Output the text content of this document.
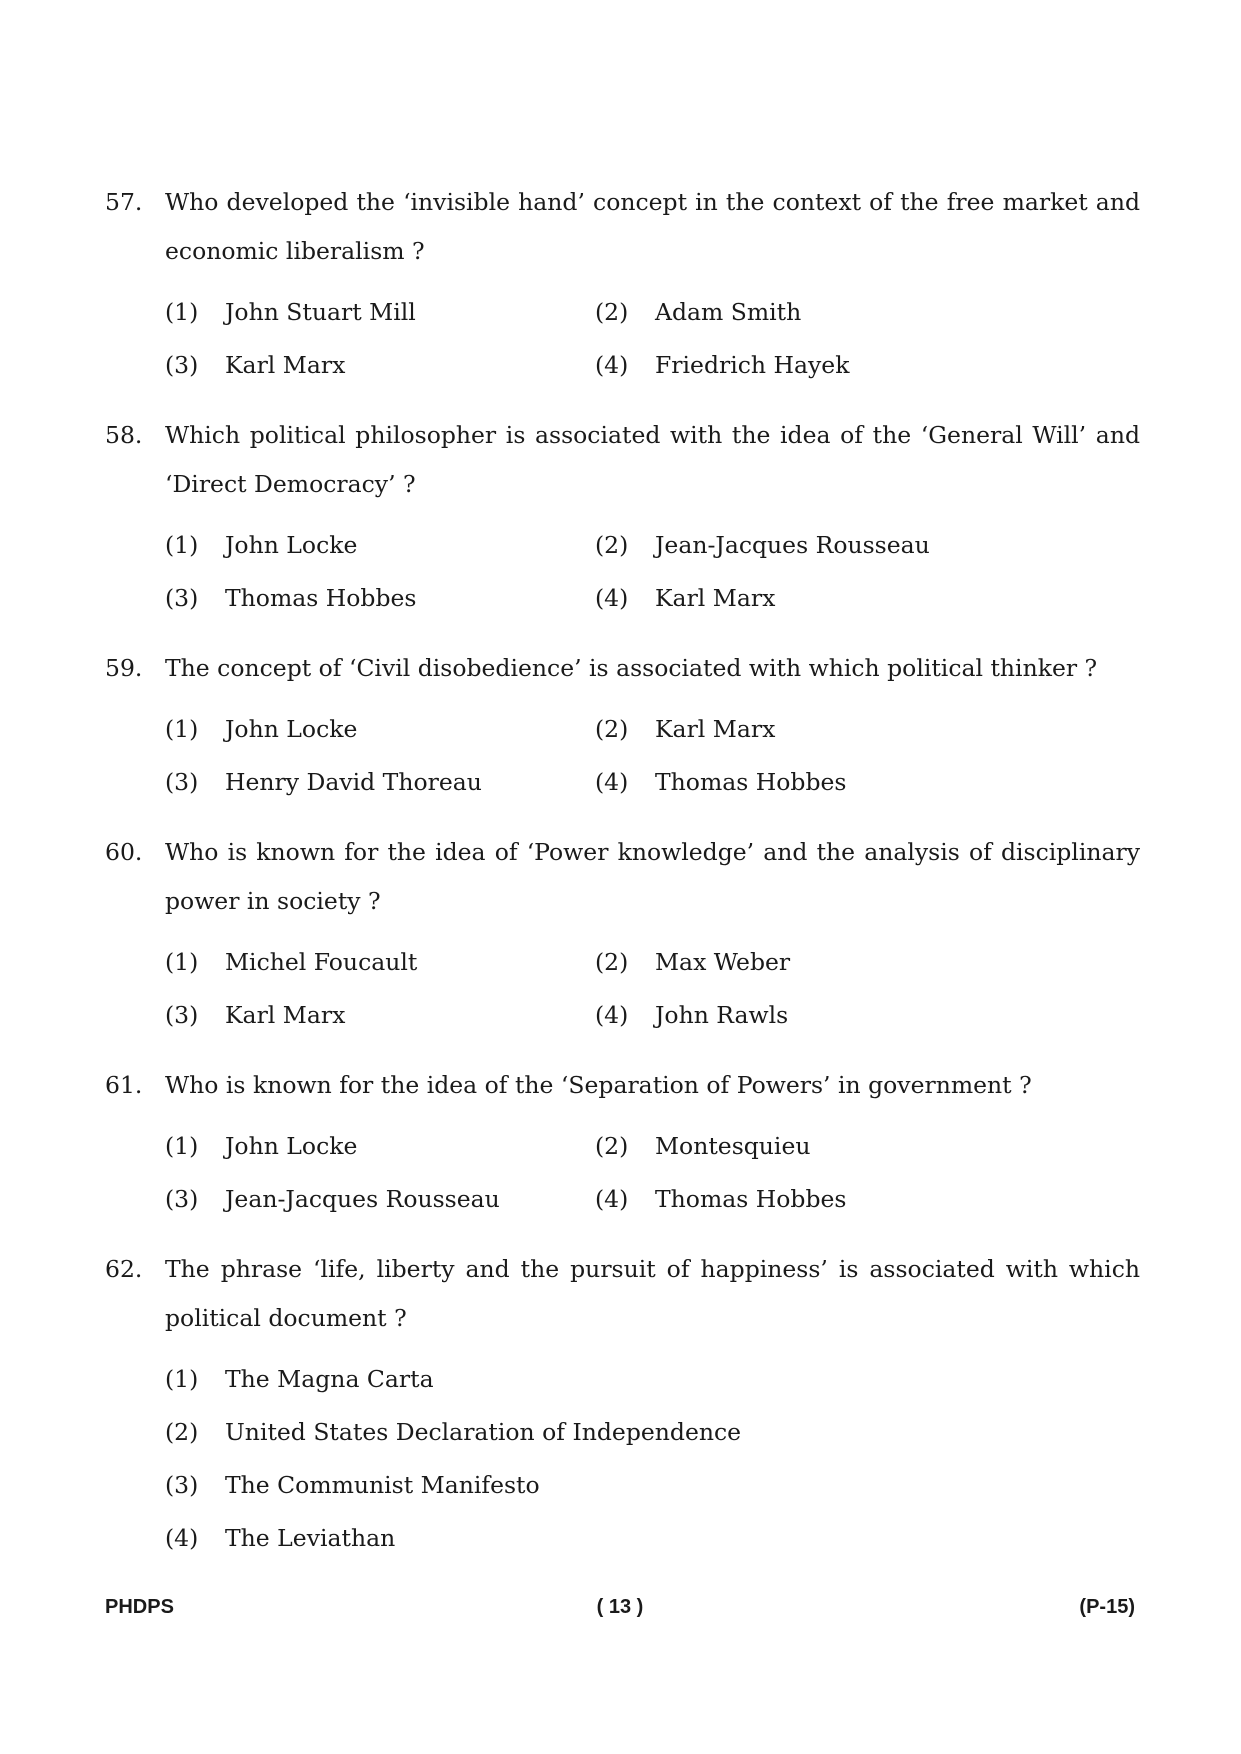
57. Who developed the ‘invisible hand’ concept in the context of the free market and economic liberalism ?
(1)	John Stuart Mill	(2)	Adam Smith
(3)	Karl Marx	(4)	Friedrich Hayek
58. Which political philosopher is associated with the idea of the ‘General Will’ and ‘Direct Democracy’ ?
(1)	John Locke	(2)	Jean-Jacques Rousseau
(3)	Thomas Hobbes	(4)	Karl Marx
59. The concept of ‘Civil disobedience’ is associated with which political thinker ?
(1)	John Locke	(2)	Karl Marx
(3)	Henry David Thoreau	(4)	Thomas Hobbes
60. Who is known for the idea of ‘Power knowledge’ and the analysis of disciplinary power in society ?
(1)	Michel Foucault	(2)	Max Weber
(3)	Karl Marx	(4)	John Rawls
61. Who is known for the idea of the ‘Separation of Powers’ in government ?
(1)	John Locke	(2)	Montesquieu
(3)	Jean-Jacques Rousseau	(4)	Thomas Hobbes
62. The phrase ‘life, liberty and the pursuit of happiness’ is associated with which political document ?
(1)	The Magna Carta
(2)	United States Declaration of Independence
(3)	The Communist Manifesto
(4)	The Leviathan
PHDPS	( 13 )	(P-15)
